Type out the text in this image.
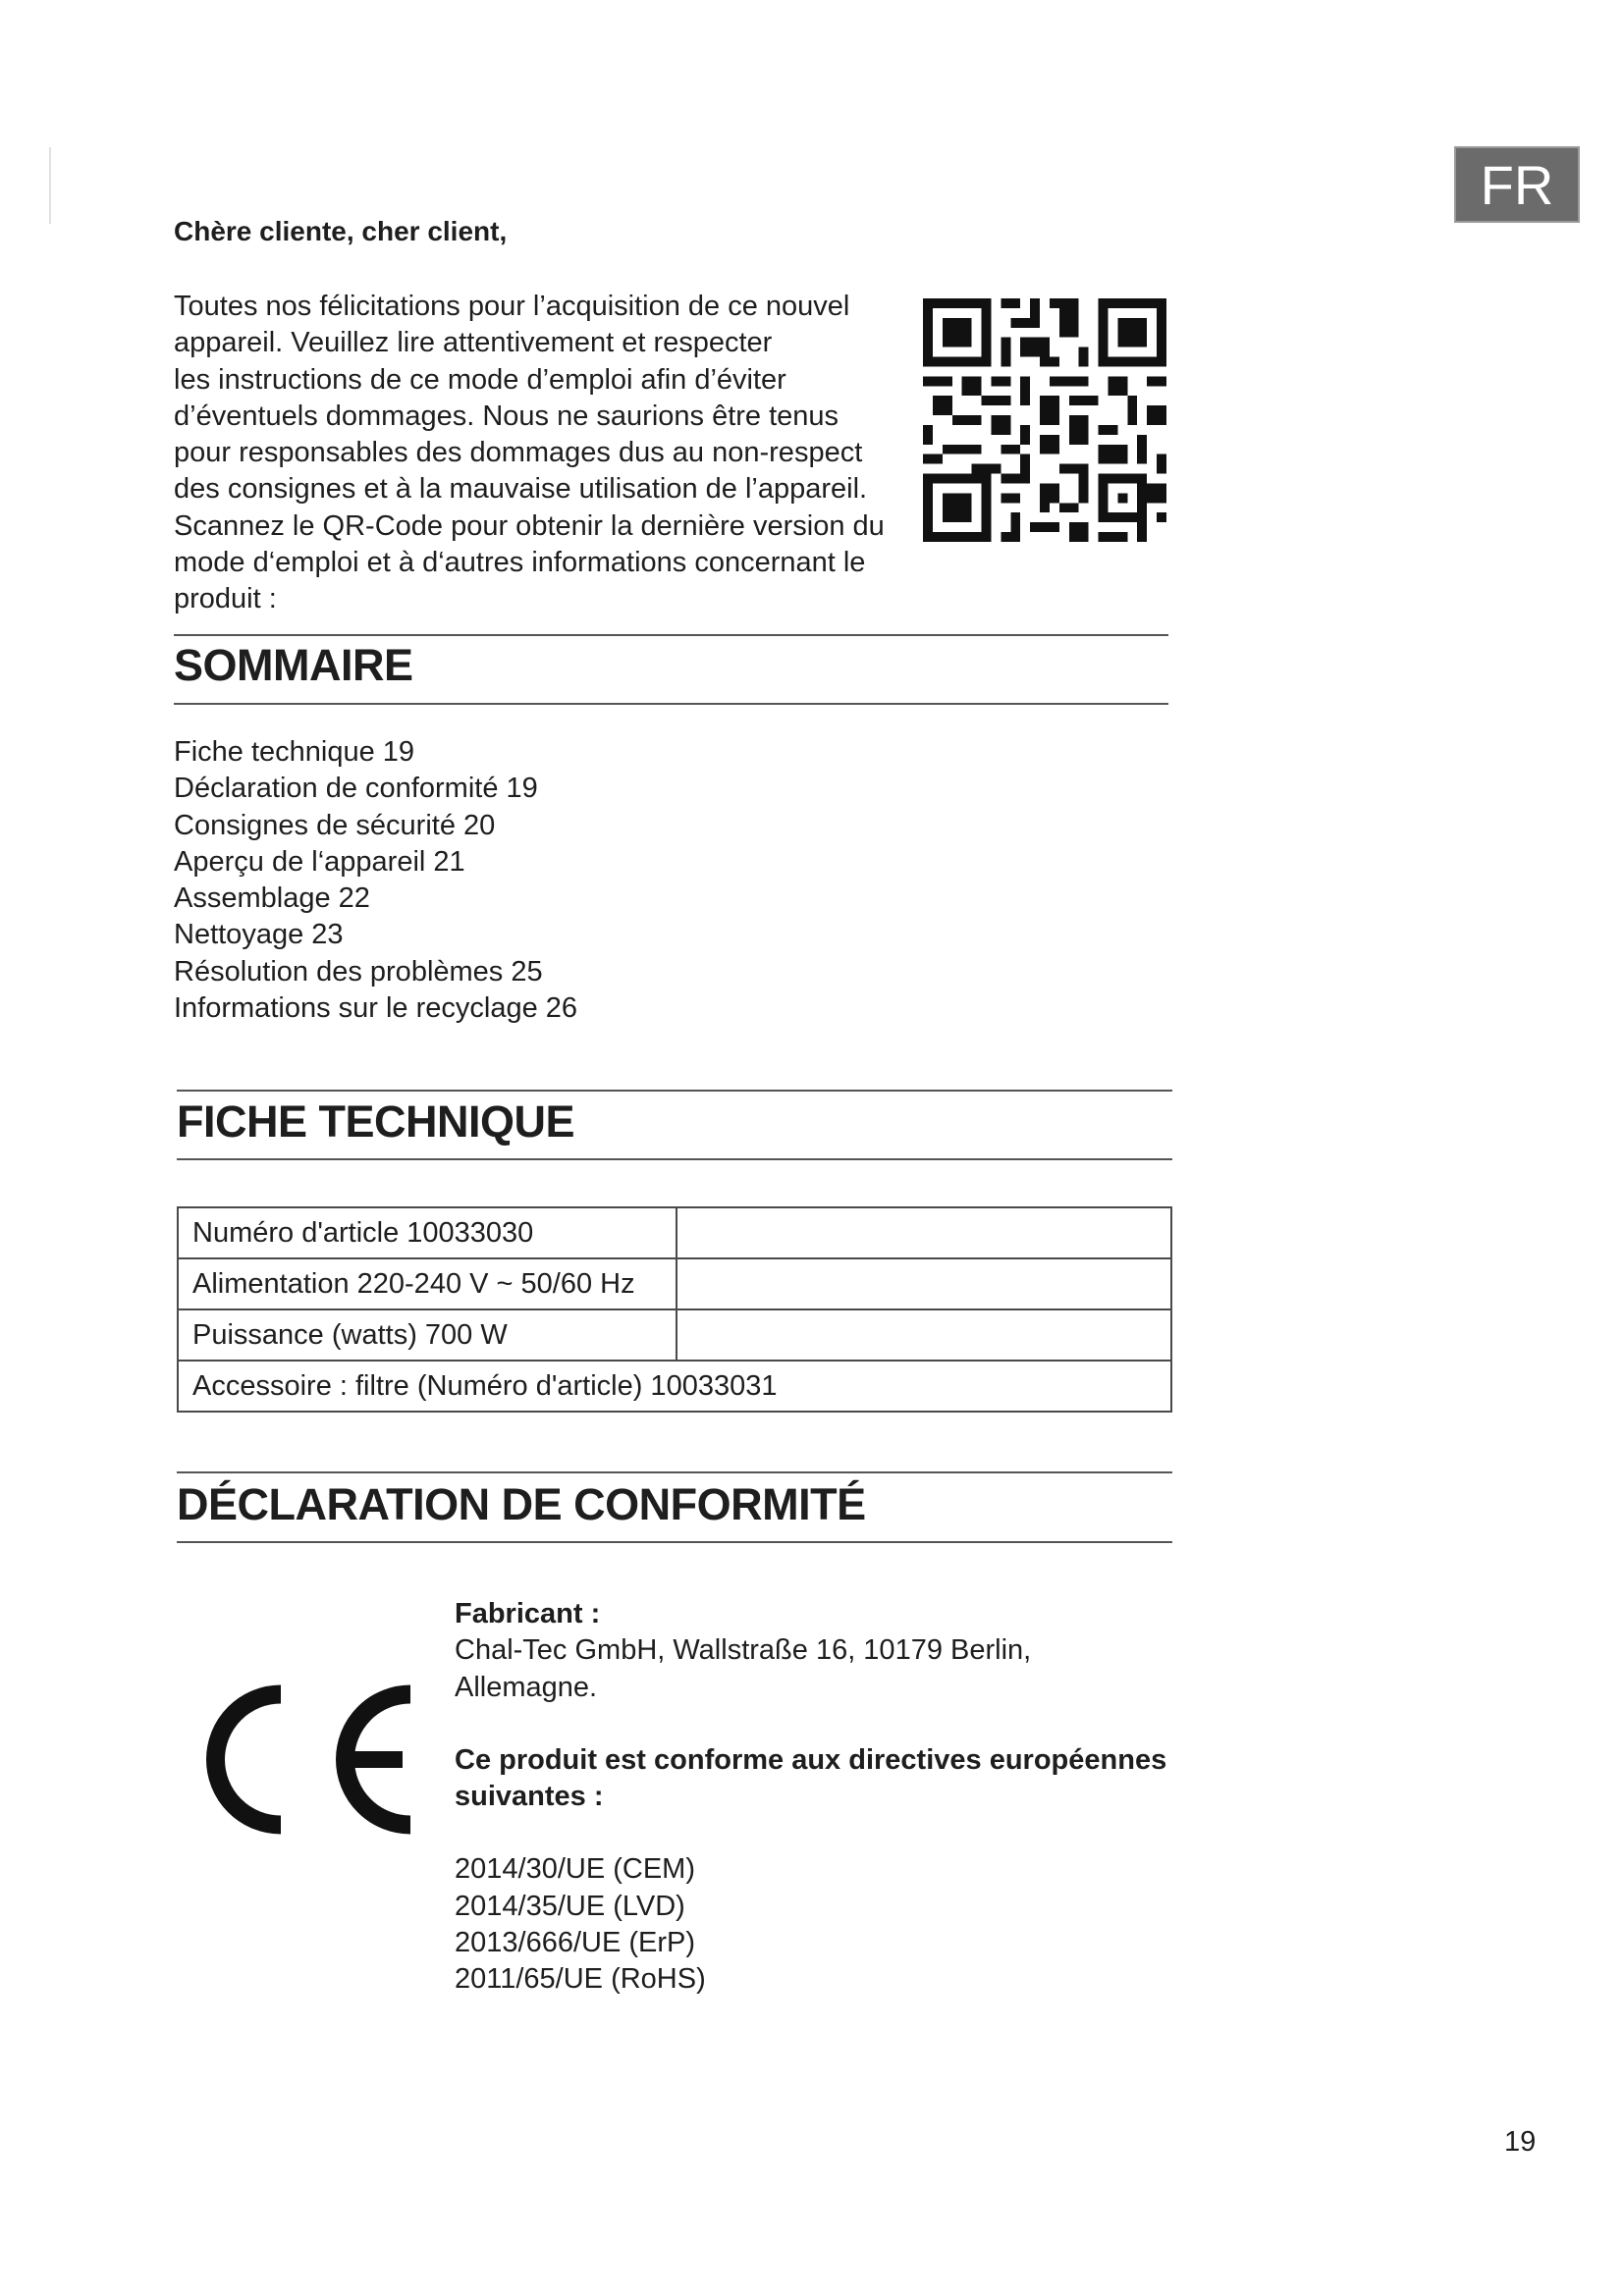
FR
Chère cliente, cher client,

Toutes nos félicitations pour l’acquisition de ce nouvel

appareil. Veuillez lire attentivement et respecter

les instructions de ce mode d’emploi afin d’éviter

d’éventuels dommages. Nous ne saurions être tenus

pour responsables des dommages dus au non-respect

des consignes et à la mauvaise utilisation de l’appareil.

Scannez le QR-Code pour obtenir la dernière version du

mode d‘emploi et à d‘autres informations concernant le

produit :

SOMMAIRE
Fiche technique 19
Déclaration de conformité 19
Consignes de sécurité 20
Aperçu de l‘appareil 21
Assemblage 22
Nettoyage 23
Résolution des problèmes 25
Informations sur le recyclage 26
FICHE TECHNIQUE
Numéro d'article 10033030	
Alimentation 220-240 V ~ 50/60 Hz	
Puissance (watts) 700 W	
Accessoire : filtre (Numéro d'article) 10033031	
DÉCLARATION DE CONFORMITÉ

Fabricant :

Chal-Tec GmbH, Wallstraße 16, 10179 Berlin,

Allemagne.

Ce produit est conforme aux directives européennes

suivantes :

2014/30/UE (CEM)

2014/35/UE (LVD)

2013/666/UE (ErP)

2011/65/UE (RoHS)

19
